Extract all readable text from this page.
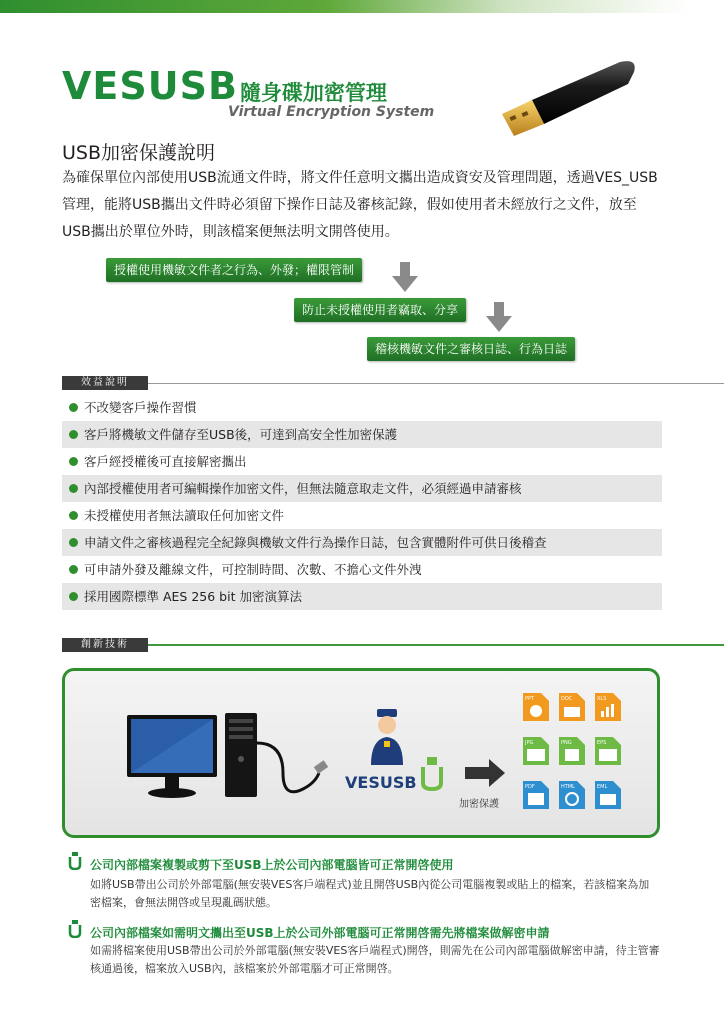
VESUSB隨身碟加密管理
Virtual Encryption System
USB加密保護說明

為確保單位內部使用USB流通文件時，將文件任意明文攜出造成資安及管理問題，透過VES_USB管理，能將USB攜出文件時必須留下操作日誌及審核記錄，假如使用者未經放行之文件，放至USB攜出於單位外時，則該檔案便無法明文開啓使用。

授權使用機敏文件者之行為、外發；權限管制
防止未授權使用者竊取、分享
稽核機敏文件之審核日誌、行為日誌
效益說明
不改變客戶操作習慣
客戶將機敏文件儲存至USB後，可達到高安全性加密保護
客戶經授權後可直接解密攜出
內部授權使用者可編輯操作加密文件，但無法隨意取走文件，必須經過申請審核
未授權使用者無法讀取任何加密文件
申請文件之審核過程完全紀錄與機敏文件行為操作日誌，包含實體附件可供日後稽查
可申請外發及離線文件，可控制時間、次數、不擔心文件外洩
採用國際標準 AES 256 bit 加密演算法
創新技術
VESUSB
加密保護
PPT	DOC	XLS
JPG	PNG	EPS
PDF	HTML	EML
公司內部檔案複製或剪下至USB上於公司內部電腦皆可正常開啓使用

如將USB帶出公司於外部電腦(無安裝VES客戶端程式)並且開啓USB內從公司電腦複製或貼上的檔案，若該檔案為加密檔案，會無法開啓或呈現亂碼狀態。

公司內部檔案如需明文攜出至USB上於公司外部電腦可正常開啓需先將檔案做解密申請

如需將檔案使用USB帶出公司於外部電腦(無安裝VES客戶端程式)開啓，則需先在公司內部電腦做解密申請，待主管審核通過後，檔案放入USB內，該檔案於外部電腦才可正常開啓。
